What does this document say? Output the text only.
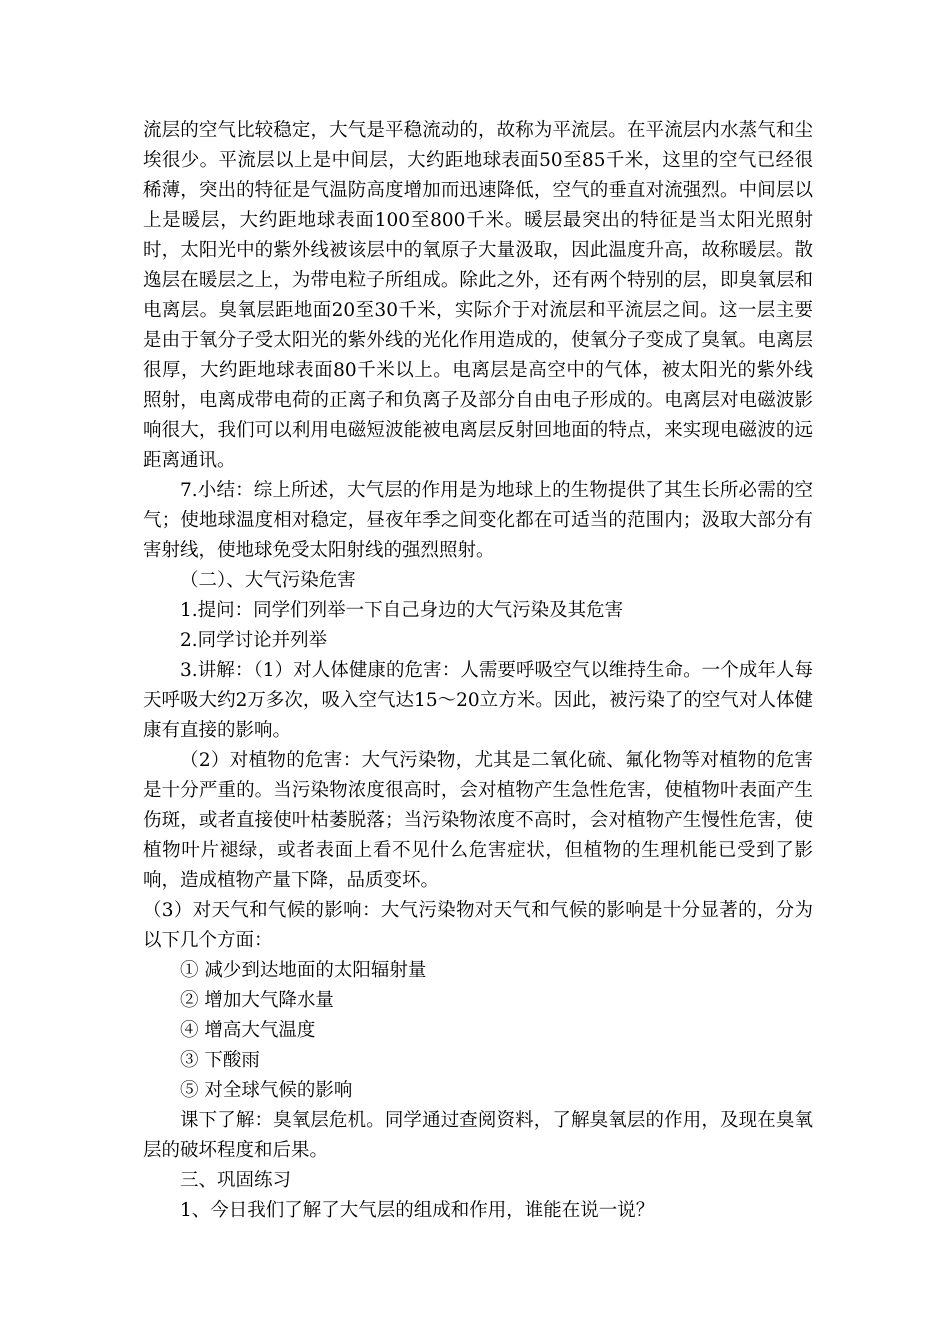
流层的空气比较稳定，大气是平稳流动的，故称为平流层。在平流层内水蒸气和尘埃很少。平流层以上是中间层，大约距地球表面50至85千米，这里的空气已经很稀薄，突出的特征是气温防高度增加而迅速降低，空气的垂直对流强烈。中间层以上是暖层，大约距地球表面100至800千米。暖层最突出的特征是当太阳光照射时，太阳光中的紫外线被该层中的氧原子大量汲取，因此温度升高，故称暖层。散逸层在暖层之上，为带电粒子所组成。除此之外，还有两个特别的层，即臭氧层和电离层。臭氧层距地面20至30千米，实际介于对流层和平流层之间。这一层主要是由于氧分子受太阳光的紫外线的光化作用造成的，使氧分子变成了臭氧。电离层很厚，大约距地球表面80千米以上。电离层是高空中的气体，被太阳光的紫外线照射，电离成带电荷的正离子和负离子及部分自由电子形成的。电离层对电磁波影响很大，我们可以利用电磁短波能被电离层反射回地面的特点，来实现电磁波的远距离通讯。

7.小结：综上所述，大气层的作用是为地球上的生物提供了其生长所必需的空气；使地球温度相对稳定，昼夜年季之间变化都在可适当的范围内；汲取大部分有害射线，使地球免受太阳射线的强烈照射。

（二）、大气污染危害

1.提问：同学们列举一下自己身边的大气污染及其危害

2.同学讨论并列举

3.讲解：（1）对人体健康的危害：人需要呼吸空气以维持生命。一个成年人每天呼吸大约2万多次，吸入空气达15～20立方米。因此，被污染了的空气对人体健康有直接的影响。

（2）对植物的危害：大气污染物，尤其是二氧化硫、氟化物等对植物的危害是十分严重的。当污染物浓度很高时，会对植物产生急性危害，使植物叶表面产生伤斑，或者直接使叶枯萎脱落；当污染物浓度不高时，会对植物产生慢性危害，使植物叶片褪绿，或者表面上看不见什么危害症状，但植物的生理机能已受到了影响，造成植物产量下降，品质变坏。

（3）对天气和气候的影响：大气污染物对天气和气候的影响是十分显著的，分为以下几个方面：

① 减少到达地面的太阳辐射量

② 增加大气降水量

④ 增高大气温度

③ 下酸雨

⑤ 对全球气候的影响

课下了解：臭氧层危机。同学通过查阅资料，了解臭氧层的作用，及现在臭氧层的破坏程度和后果。

三、巩固练习

1、今日我们了解了大气层的组成和作用，谁能在说一说？
